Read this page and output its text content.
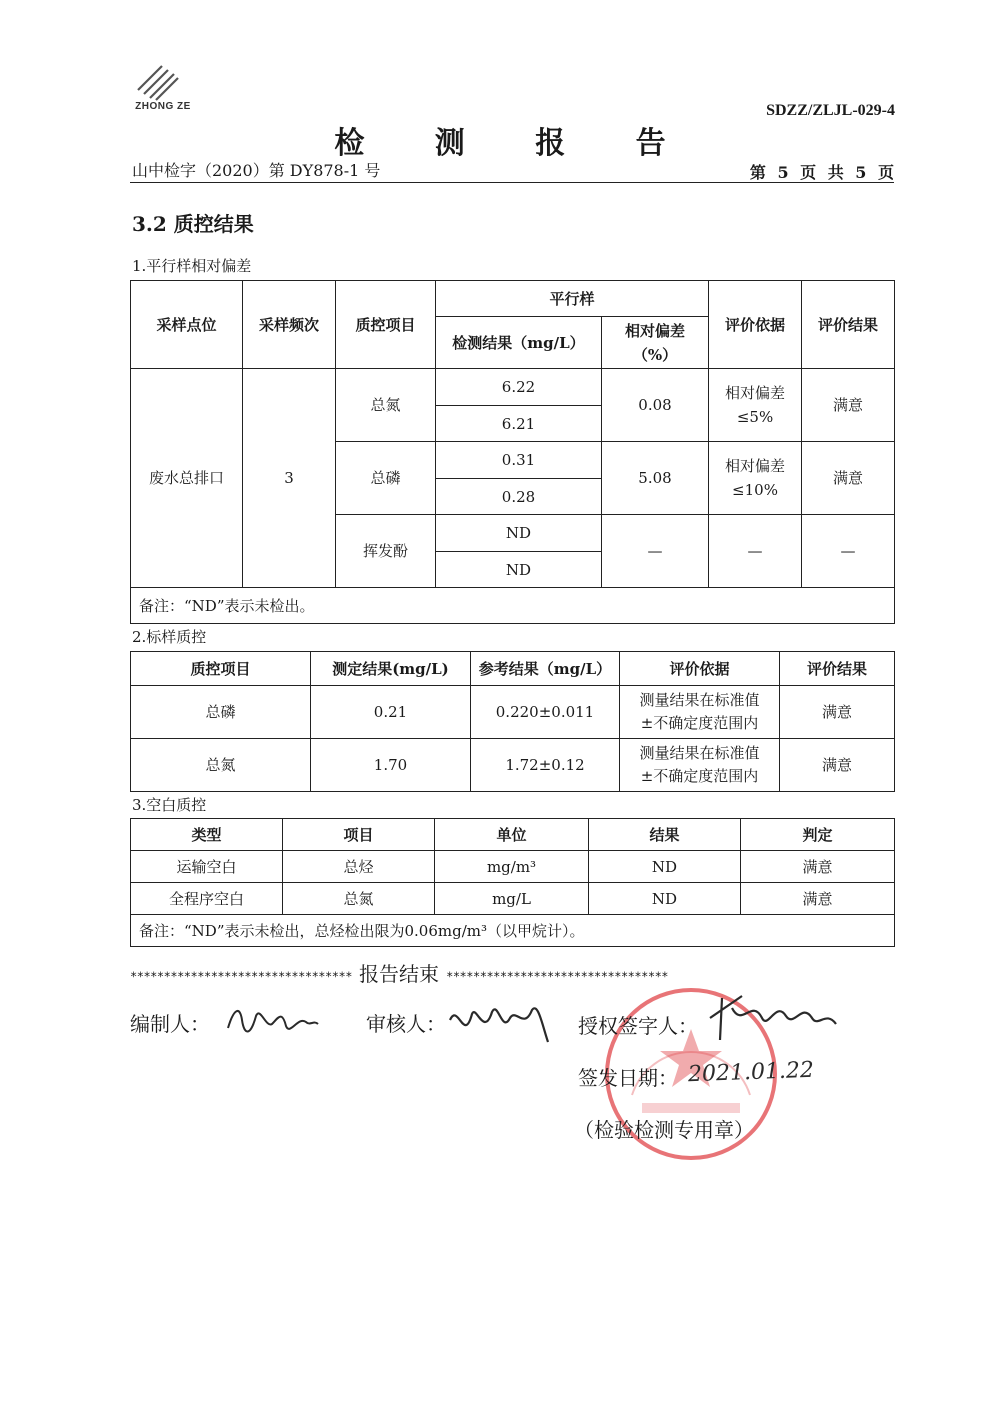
ZHONG ZE	SDZZ/ZLJL-029-4
检 测 报 告
山中检字（2020）第 DY878-1 号	第 5 页 共 5 页
3.2 质控结果
1.平行样相对偏差
采样点位	采样频次	质控项目	平行样		评价依据	评价结果
			检测结果（mg/L）	相对偏差（%）		
废水总排口	3	总氮	6.22	0.08	相对偏差≤5%	满意
			6.21			
		总磷	0.31	5.08	相对偏差≤10%	满意
			0.28			
		挥发酚	ND	—	—	—
			ND			
备注：“ND”表示未检出。						
2.标样质控
质控项目	测定结果(mg/L)	参考结果（mg/L）	评价依据	评价结果
总磷	0.21	0.220±0.011	测量结果在标准值±不确定度范围内	满意
总氮	1.70	1.72±0.12	测量结果在标准值±不确定度范围内	满意
3.空白质控
类型	项目	单位	结果	判定
运输空白	总烃	mg/m³	ND	满意
全程序空白	总氮	mg/L	ND	满意
备注：“ND”表示未检出，总烃检出限为0.06mg/m³（以甲烷计）。				
********************************* 报告结束 *********************************
编制人：	审核人：	授权签字人：
签发日期： 2021.01.22
（检验检测专用章）
